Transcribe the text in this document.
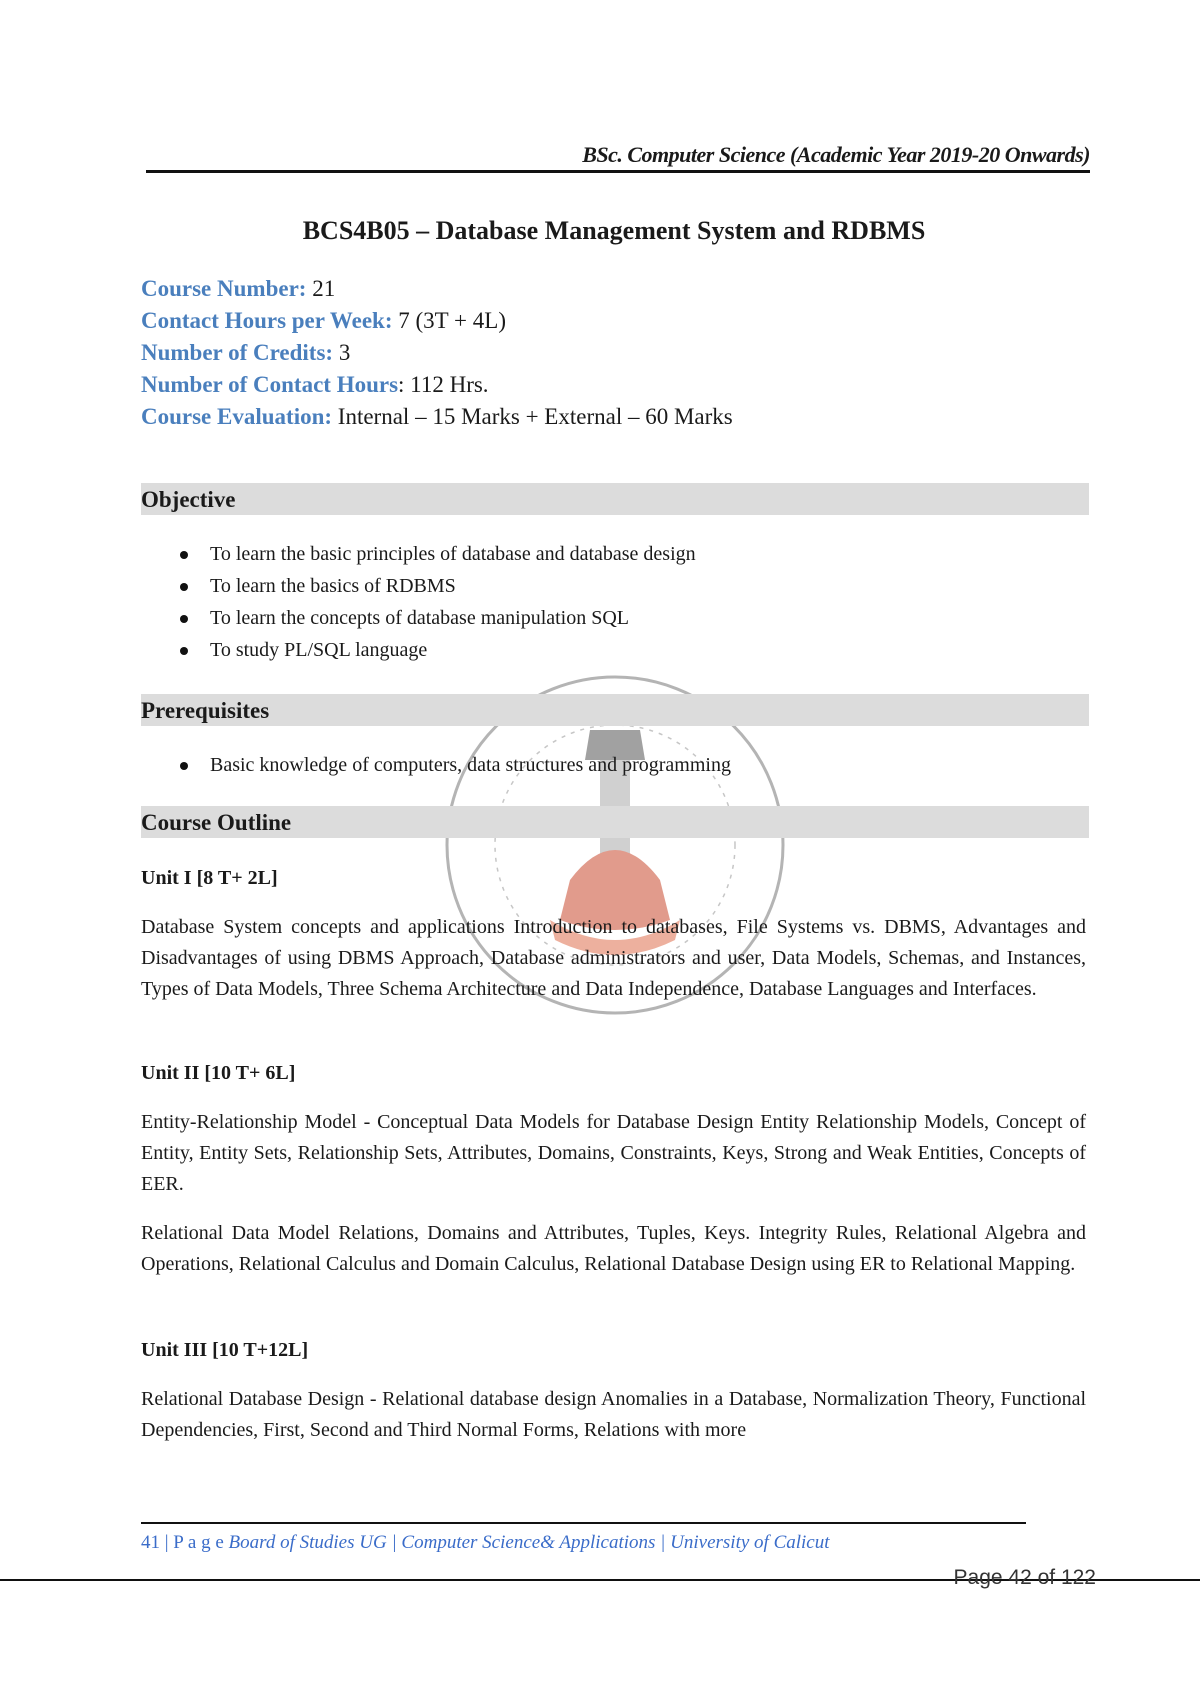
BSc. Computer Science (Academic Year 2019-20 Onwards)
BCS4B05 – Database Management System and RDBMS
Course Number: 21
Contact Hours per Week: 7 (3T + 4L)
Number of Credits: 3
Number of Contact Hours: 112 Hrs.
Course Evaluation: Internal – 15 Marks + External – 60 Marks
Objective
To learn the basic principles of database and database design
To learn the basics of RDBMS
To learn the concepts of database manipulation SQL
To study PL/SQL language
Prerequisites
Basic knowledge of computers, data structures and programming
Course Outline
Unit I [8 T+ 2L]
Database System concepts and applications Introduction to databases, File Systems vs. DBMS, Advantages and Disadvantages of using DBMS Approach, Database administrators and user, Data Models, Schemas, and Instances, Types of Data Models, Three Schema Architecture and Data Independence, Database Languages and Interfaces.
Unit II [10 T+ 6L]
Entity-Relationship Model - Conceptual Data Models for Database Design Entity Relationship Models, Concept of Entity, Entity Sets, Relationship Sets, Attributes, Domains, Constraints, Keys, Strong and Weak Entities, Concepts of EER.
Relational Data Model Relations, Domains and Attributes, Tuples, Keys. Integrity Rules, Relational Algebra and Operations, Relational Calculus and Domain Calculus, Relational Database Design using ER to Relational Mapping.
Unit III [10 T+12L]
Relational Database Design - Relational database design Anomalies in a Database, Normalization Theory, Functional Dependencies, First, Second and Third Normal Forms, Relations with more
41 | P a g e Board of Studies UG | Computer Science& Applications | University of Calicut
Page 42 of 122
